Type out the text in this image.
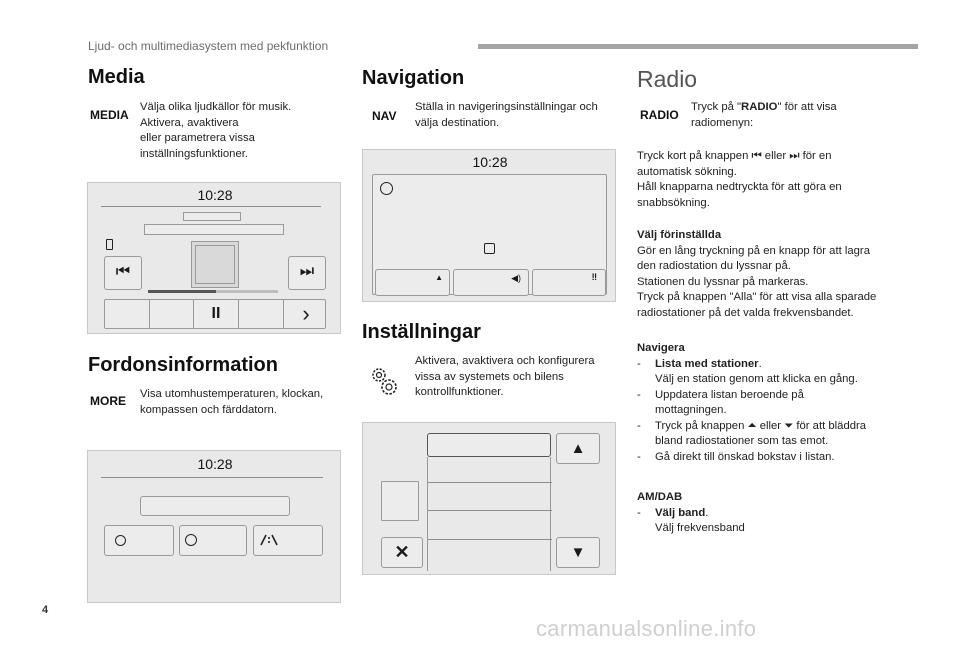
Ljud- och multimediasystem med pekfunktion
Media
MEDIA
Välja olika ljudkällor för musik.
Aktivera, avaktivera
eller parametrera vissa
inställningsfunktioner.
10:28
⏮	⏭
II	›
Fordonsinformation
MORE Visa utomhustemperaturen, klockan,
kompassen och färddatorn.
10:28
Navigation
NAV
Ställa in navigeringsinställningar och
välja destination.
10:28
▲	◀)	‼
Inställningar
Aktivera, avaktivera och konfigurera
vissa av systemets och bilens
kontrollfunktioner.
▲
▼
✕
Radio
RADIO
Tryck på "RADIO" för att visa
radiomenyn:
Tryck kort på knappen ⏮ eller ⏭ för en
automatisk sökning.
Håll knapparna nedtryckta för att göra en
snabbsökning.
Välj förinställda
Gör en lång tryckning på en knapp för att lagra
den radiostation du lyssnar på.
Stationen du lyssnar på markeras.
Tryck på knappen "Alla" för att visa alla sparade
radiostationer på det valda frekvensbandet.
Navigera
- Lista med stationer.
Välj en station genom att klicka en gång.
- Uppdatera listan beroende på
mottagningen.
- Tryck på knappen ⏶ eller ⏷ för att bläddra
bland radiostationer som tas emot.
- Gå direkt till önskad bokstav i listan.
AM/DAB
- Välj band.
Välj frekvensband
4
carmanualsonline.info
